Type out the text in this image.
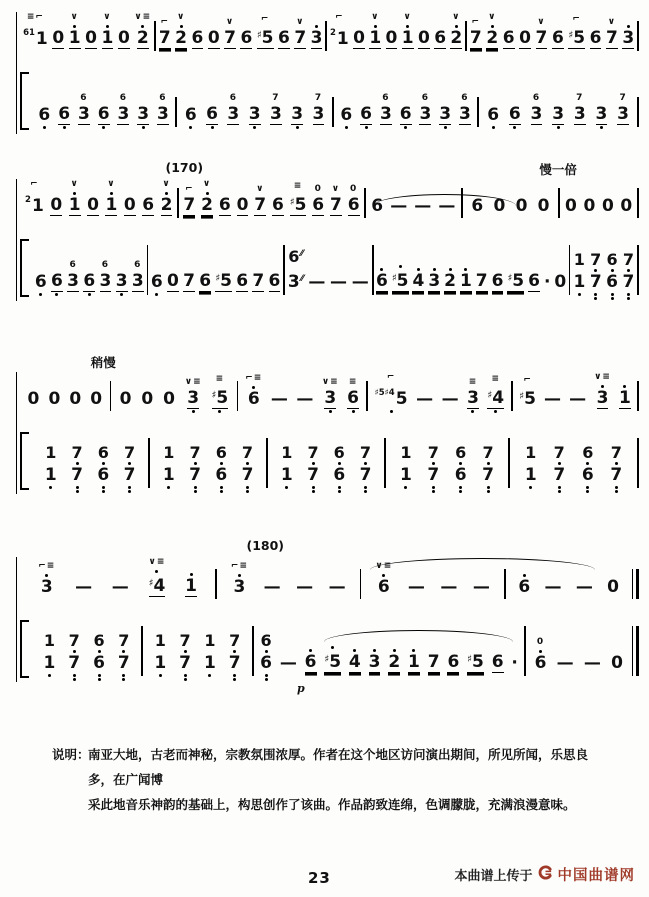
≡⌐
$^{61}$1 0
∨
1 0
∨
1 0
∨≡
2
⌐
7
∨
2 6 0
∨
7 6
⌐
♯5 6
∨
7 3
⌐
$^2$1 0
∨
1 0
∨
1 0 6
∨
2
⌐
7
∨
2 6 0
∨
7 6
⌐
♯5 6
∨
7 3
6 6
6
3 6
6
3 3
6
3 6 6
6
3 3
7
3 3
7
3 6 6
6
3 6
6
3 3
6
3 6 6
6
3 3
7
3 3
7
3
(170)	慢一倍
⌐
$^2$1 0
∨
1 0
∨
1 0 6
∨
2
⌐
7
∨
2 6 0
∨
7 6
≡
♯5
0
6
∨
7
0
6 6 — — — 6 0 0 0 0 0 0 0
6 6
6
3 6
6
3 3
6
3 6 0 7 6 ♯5 6 7 6
6⁄⁄
3⁄⁄ — — — 6 ♯5 4 3 2 1 7 6 ♯5 6 · 0
1
1
7
7
6
6
7
7
稍慢
0 0 0 0 0 0 0
∨≡
3
≡
♯5
⌐≡
6 — —
∨≡
3
≡
6
⌐
$^{♯5♯4}$5 — —
≡
3
≡
♯4
⌐
♯5 — —
∨≡
3 1
1
1
7
7
6
6
7
7
1
1
7
7
6
6
7
7
1
1
7
7
6
6
7
7
1
1
7
7
6
6
7
7
1
1
7
7
6
6
7
7
(180)
⌐≡
3 — —
∨≡
♯4 1
⌐≡
3 — — —
∨≡
6 — — — 6 — — 0
1
1
7
7
6
6
7
7
1
1
7
7
1
1
7
7
p
6
6 — 6 ♯5 4 3 2 1 7 6 ♯5 6 ·
0
6 — — 0
说明：
南亚大地，古老而神秘，宗教氛围浓厚。作者在这个地区访问演出期间，所见所闻，乐思良多，在广闻博
采此地音乐神韵的基础上，构思创作了该曲。作品韵致连绵，色调朦胧，充满浪漫意味。
23	本曲谱上传于 中国曲谱网
